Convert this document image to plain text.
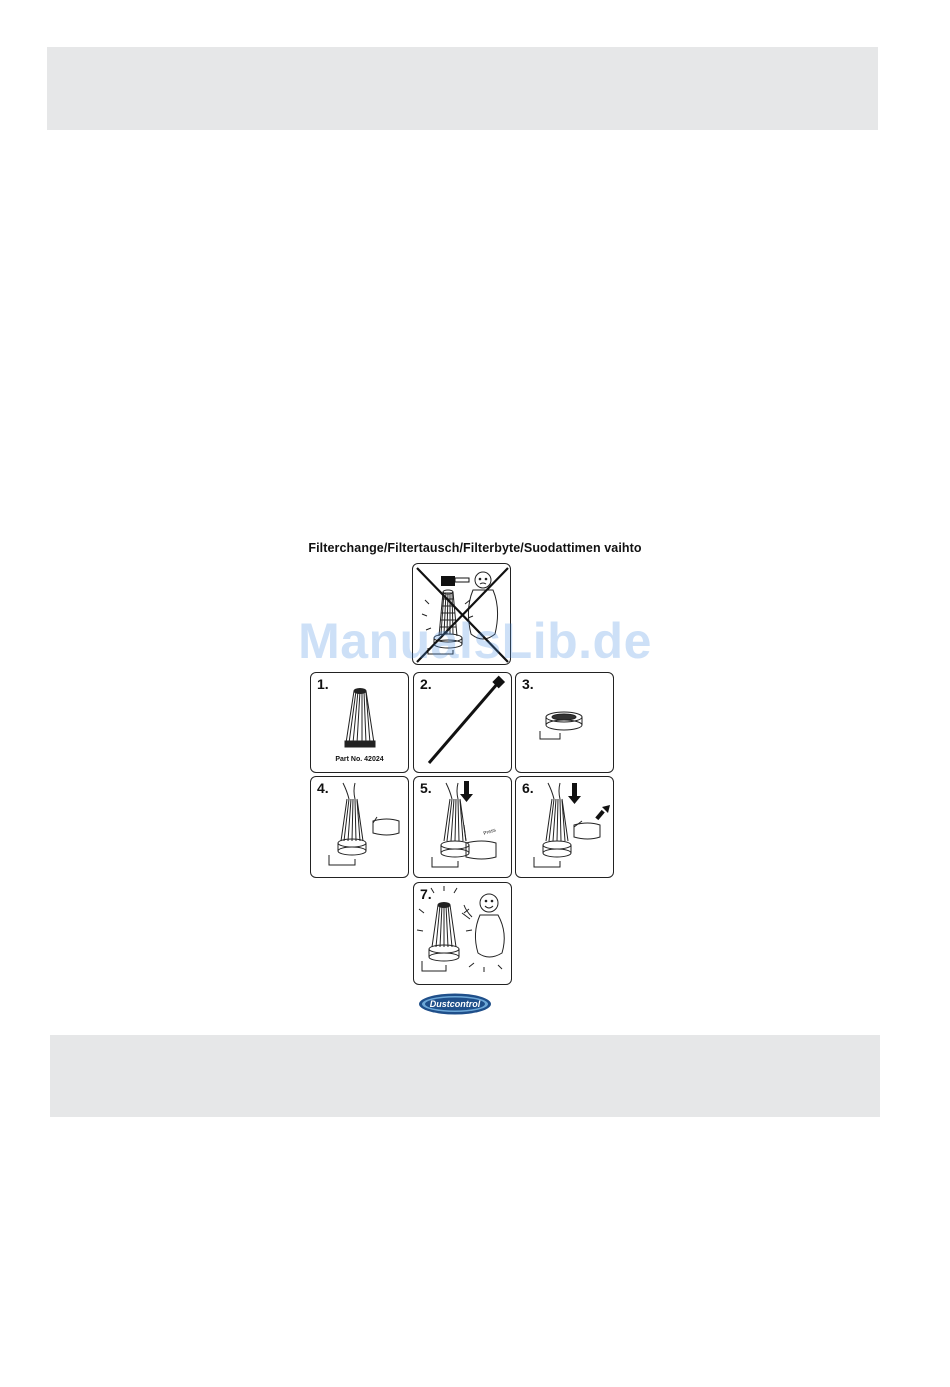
Filterchange/Filtertausch/Filterbyte/Suodattimen vaihto
1.
Part No. 42024
2.	3.
4.
Press
5.	6.
7.
ManualsLib.de
Dustcontrol
